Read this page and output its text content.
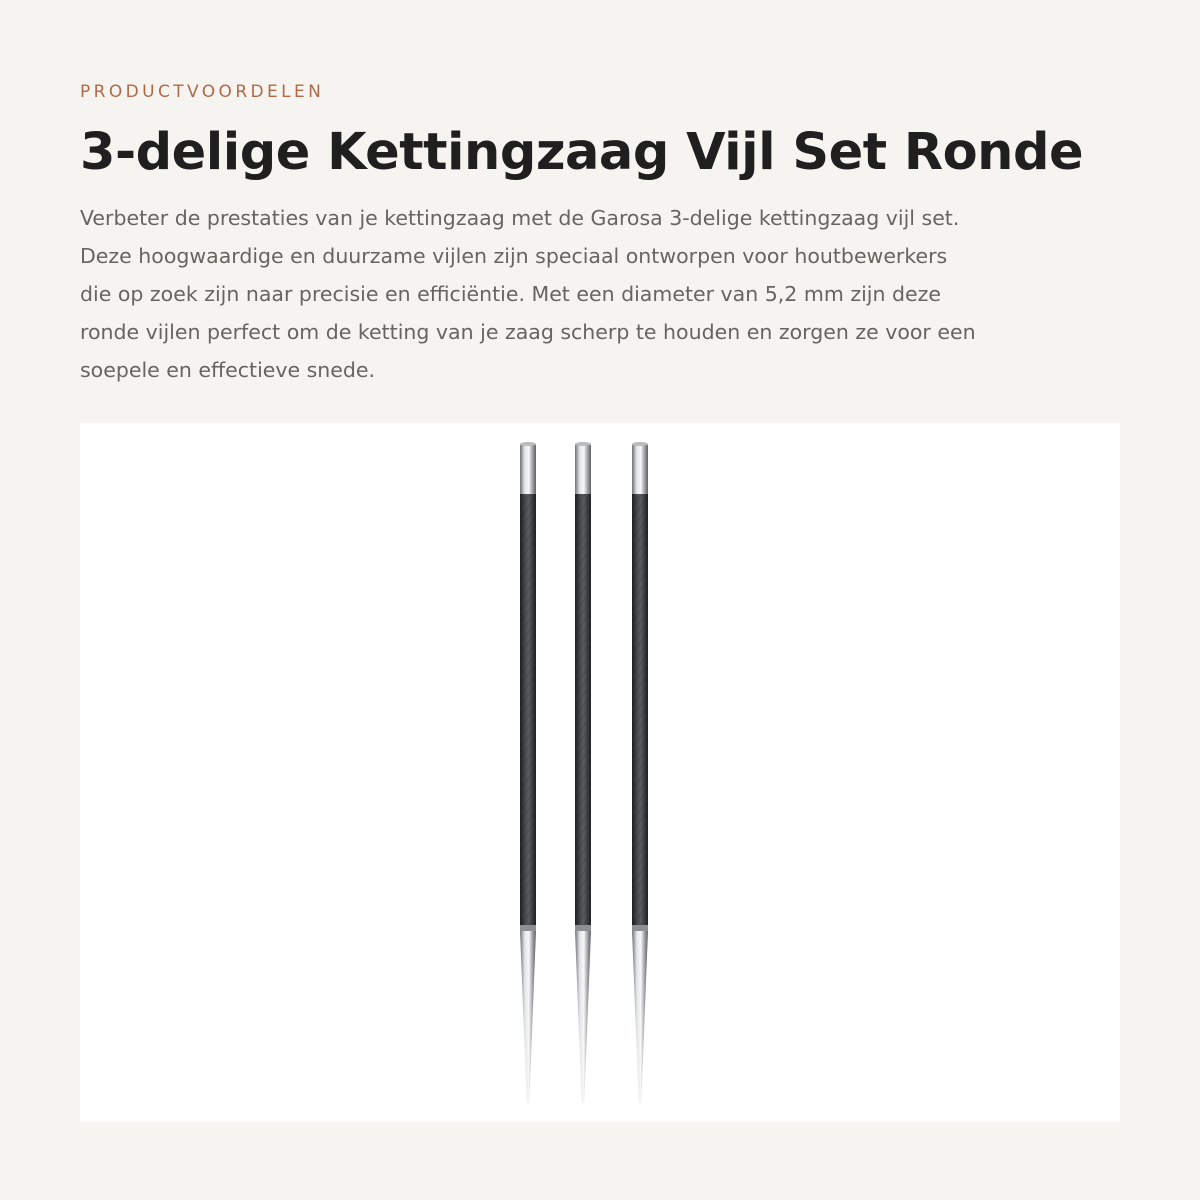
PRODUCTVOORDELEN
3-delige Kettingzaag Vijl Set Ronde

Verbeter de prestaties van je kettingzaag met de Garosa 3-delige kettingzaag vijl set.
Deze hoogwaardige en duurzame vijlen zijn speciaal ontworpen voor houtbewerkers
die op zoek zijn naar precisie en efficiëntie. Met een diameter van 5,2 mm zijn deze
ronde vijlen perfect om de ketting van je zaag scherp te houden en zorgen ze voor een
soepele en effectieve snede.
